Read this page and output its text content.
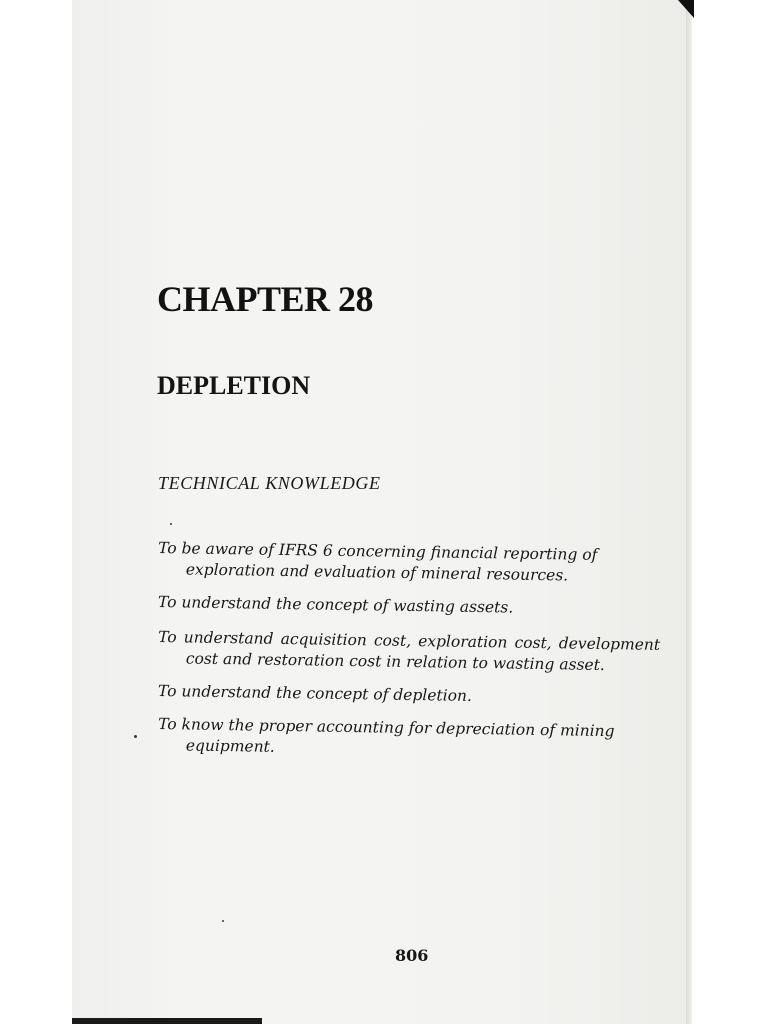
CHAPTER 28
DEPLETION
TECHNICAL KNOWLEDGE
To be aware of IFRS 6 concerning financial reporting of exploration and evaluation of mineral resources.
To understand the concept of wasting assets.
To understand acquisition cost, exploration cost, development cost and restoration cost in relation to wasting asset.
To understand the concept of depletion.
To know the proper accounting for depreciation of mining equipment.
806
